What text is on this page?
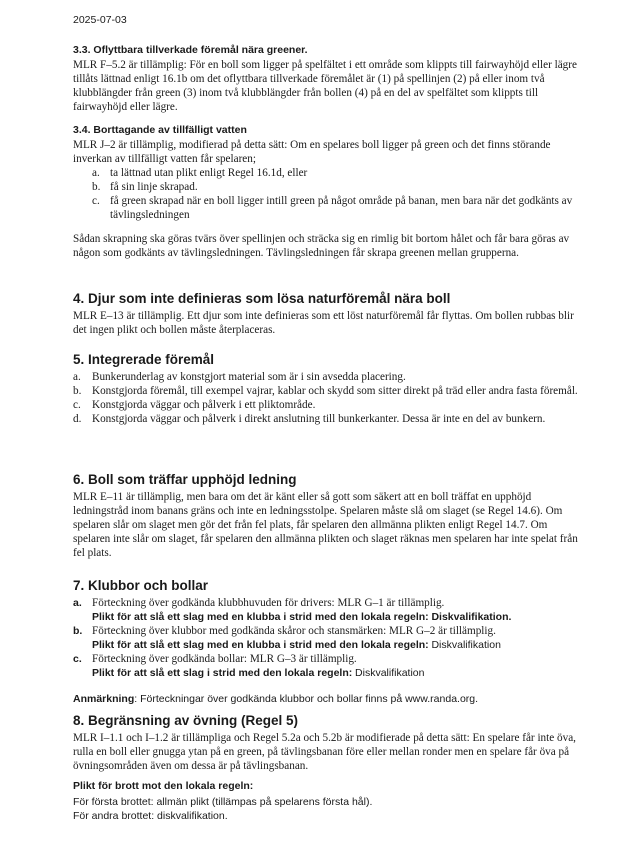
2025-07-03
3.3. Oflyttbara tillverkade föremål nära greener.
MLR F–5.2 är tillämplig: För en boll som ligger på spelfältet i ett område som klippts till fairwayhöjd eller lägre tillåts lättnad enligt 16.1b om det oflyttbara tillverkade föremålet är (1) på spellinjen (2) på eller inom två klubblängder från green (3) inom två klubblängder från bollen (4) på en del av spelfältet som klippts till fairwayhöjd eller lägre.
3.4. Borttagande av tillfälligt vatten
MLR J–2 är tillämplig, modifierad på detta sätt: Om en spelares boll ligger på green och det finns störande inverkan av tillfälligt vatten får spelaren;
a. ta lättnad utan plikt enligt Regel 16.1d, eller
b. få sin linje skrapad.
c. få green skrapad när en boll ligger intill green på något område på banan, men bara när det godkänts av tävlingsledningen
Sådan skrapning ska göras tvärs över spellinjen och sträcka sig en rimlig bit bortom hålet och får bara göras av någon som godkänts av tävlingsledningen. Tävlingsledningen får skrapa greenen mellan grupperna.
4. Djur som inte definieras som lösa naturföremål nära boll
MLR E–13 är tillämplig. Ett djur som inte definieras som ett löst naturföremål får flyttas. Om bollen rubbas blir det ingen plikt och bollen måste återplaceras.
5. Integrerade föremål
a. Bunkerunderlag av konstgjort material som är i sin avsedda placering.
b. Konstgjorda föremål, till exempel vajrar, kablar och skydd som sitter direkt på träd eller andra fasta föremål.
c. Konstgjorda väggar och pålverk i ett pliktområde.
d. Konstgjorda väggar och pålverk i direkt anslutning till bunkerkanter. Dessa är inte en del av bunkern.
6. Boll som träffar upphöjd ledning
MLR E–11 är tillämplig, men bara om det är känt eller så gott som säkert att en boll träffat en upphöjd ledningstråd inom banans gräns och inte en ledningsstolpe. Spelaren måste slå om slaget (se Regel 14.6). Om spelaren slår om slaget men gör det från fel plats, får spelaren den allmänna plikten enligt Regel 14.7. Om spelaren inte slår om slaget, får spelaren den allmänna plikten och slaget räknas men spelaren har inte spelat från fel plats.
7. Klubbor och bollar
a. Förteckning över godkända klubbhuvuden för drivers: MLR G–1 är tillämplig.
Plikt för att slå ett slag med en klubba i strid med den lokala regeln: Diskvalifikation.
b. Förteckning över klubbor med godkända skåror och stansmärken: MLR G–2 är tillämplig.
Plikt för att slå ett slag med en klubba i strid med den lokala regeln: Diskvalifikation
c. Förteckning över godkända bollar: MLR G–3 är tillämplig.
Plikt för att slå ett slag i strid med den lokala regeln: Diskvalifikation
Anmärkning: Förteckningar över godkända klubbor och bollar finns på www.randa.org.
8. Begränsning av övning (Regel 5)
MLR I–1.1 och I–1.2 är tillämpliga och Regel 5.2a och 5.2b är modifierade på detta sätt: En spelare får inte öva, rulla en boll eller gnugga ytan på en green, på tävlingsbanan före eller mellan ronder men en spelare får öva på övningsområden även om dessa är på tävlingsbanan.
Plikt för brott mot den lokala regeln:
För första brottet: allmän plikt (tillämpas på spelarens första hål).
För andra brottet: diskvalifikation.
